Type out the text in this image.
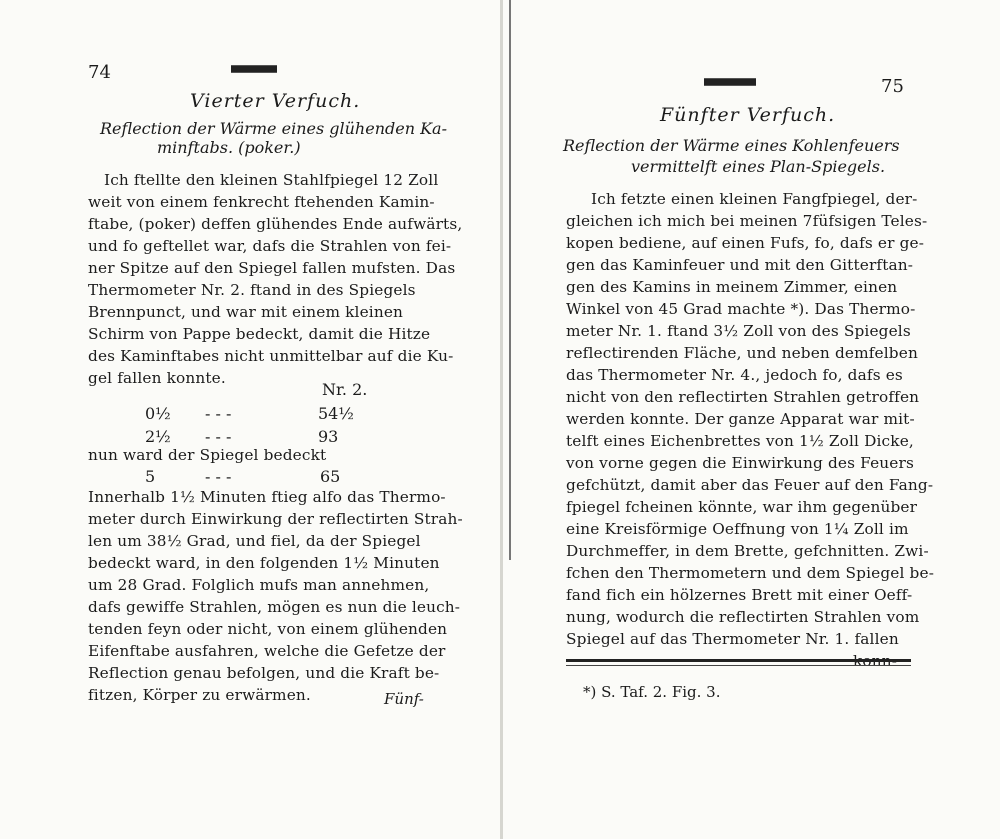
74
Vierter Verfuch.
Reflection der Wärme eines glühenden Ka-
minftabs. (poker.)
Ich ftellte den kleinen Stahlfpiegel 12 Zoll
weit von einem fenkrecht ftehenden Kamin-
ftabe, (poker) deffen glühendes Ende aufwärts,
und fo geftellet war, dafs die Strahlen von fei-
ner Spitze auf den Spiegel fallen mufsten. Das
Thermometer Nr. 2. ftand in des Spiegels
Brennpunct, und war mit einem kleinen
Schirm von Pappe bedeckt, damit die Hitze
des Kaminftabes nicht unmittelbar auf die Ku-
gel fallen konnte.
Nr. 2.
0½ - - -	54½
2½ - - -	93
nun ward der Spiegel bedeckt
5	- - -	65
Innerhalb 1½ Minuten ftieg alfo das Thermo-
meter durch Einwirkung der reflectirten Strah-
len um 38½ Grad, und fiel, da der Spiegel
bedeckt ward, in den folgenden 1½ Minuten
um 28 Grad. Folglich mufs man annehmen,
dafs gewiffe Strahlen, mögen es nun die leuch-
tenden feyn oder nicht, von einem glühenden
Eifenftabe ausfahren, welche die Gefetze der
Reflection genau befolgen, und die Kraft be-
fitzen, Körper zu erwärmen.	Fünf-
75
Fünfter Verfuch.
Reflection der Wärme eines Kohlenfeuers
vermittelft eines Plan-Spiegels.
Ich fetzte einen kleinen Fangfpiegel, der-
gleichen ich mich bei meinen 7füfsigen Teles-
kopen bediene, auf einen Fufs, fo, dafs er ge-
gen das Kaminfeuer und mit den Gitterftan-
gen des Kamins in meinem Zimmer, einen
Winkel von 45 Grad machte *). Das Thermo-
meter Nr. 1. ftand 3½ Zoll von des Spiegels
reflectirenden Fläche, und neben demfelben
das Thermometer Nr. 4., jedoch fo, dafs es
nicht von den reflectirten Strahlen getroffen
werden konnte. Der ganze Apparat war mit-
telft eines Eichenbrettes von 1½ Zoll Dicke,
von vorne gegen die Einwirkung des Feuers
gefchützt, damit aber das Feuer auf den Fang-
fpiegel fcheinen könnte, war ihm gegenüber
eine Kreisförmige Oeffnung von 1¼ Zoll im
Durchmeffer, in dem Brette, gefchnitten. Zwi-
fchen den Thermometern und dem Spiegel be-
fand fich ein hölzernes Brett mit einer Oeff-
nung, wodurch die reflectirten Strahlen vom
Spiegel auf das Thermometer Nr. 1. fallen
*) S. Taf. 2. Fig. 3.
